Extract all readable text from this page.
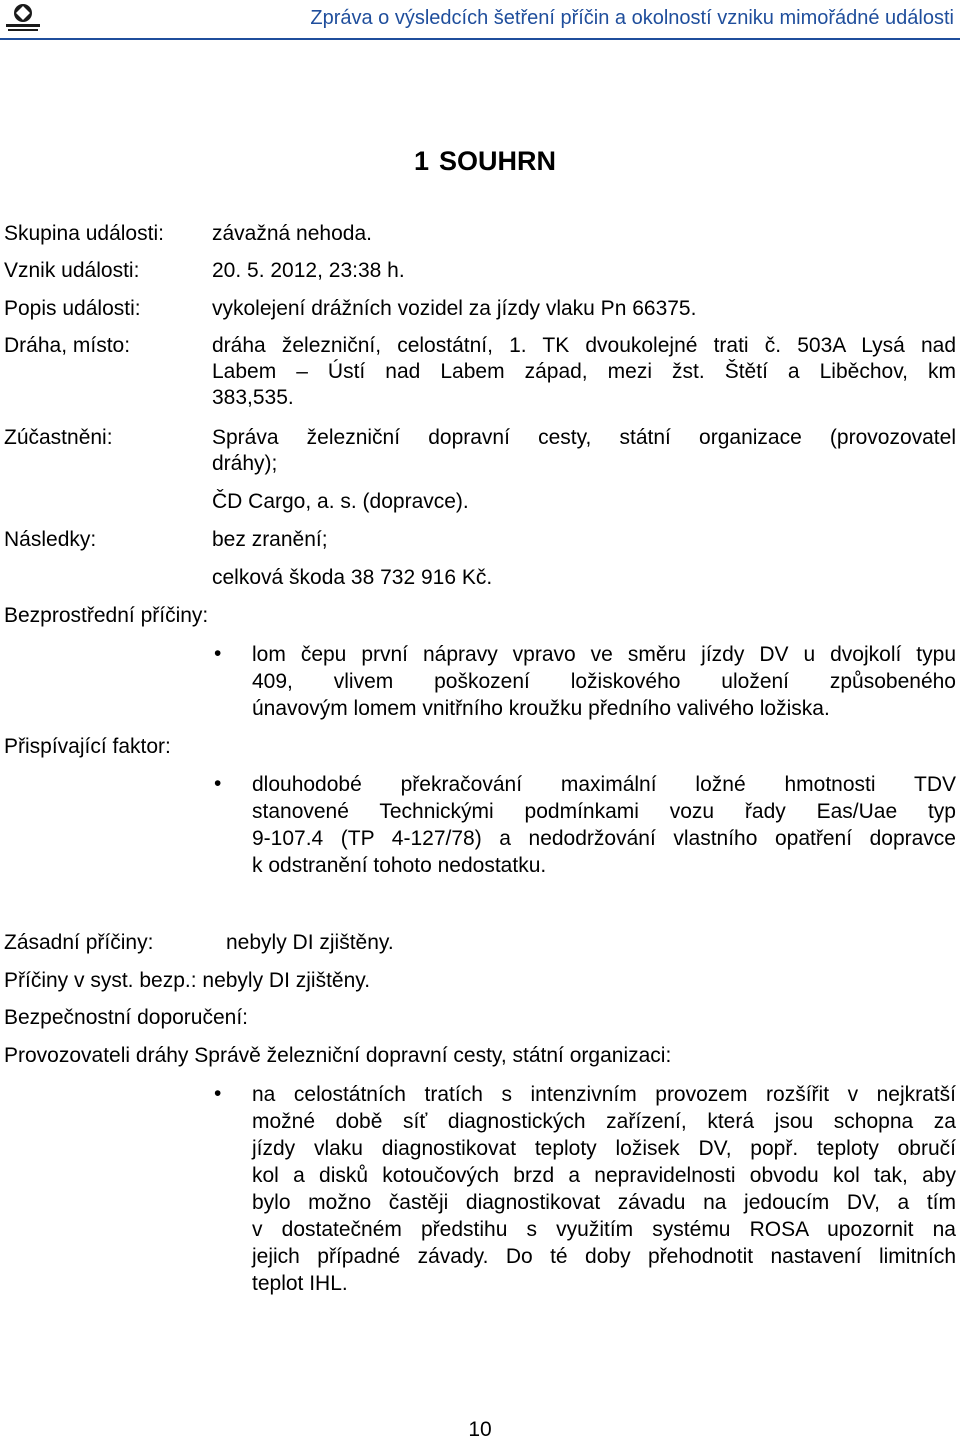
Zpráva o výsledcích šetření příčin a okolností vzniku mimořádné události
1 SOUHRN
Skupina události: závažná nehoda.
Vznik události:	20. 5. 2012, 23:38 h.
Popis události:	vykolejení drážních vozidel za jízdy vlaku Pn 66375.
Dráha, místo:	dráha železniční, celostátní, 1. TK dvoukolejné trati č. 503A Lysá nad
Labem – Ústí nad Labem západ, mezi žst. Štětí a Liběchov, km
383,535.
Zúčastněni:	Správa železniční dopravní cesty, státní organizace (provozovatel
dráhy);
ČD Cargo, a. s. (dopravce).
Následky:	bez zranění;
celková škoda 38 732 916 Kč.
Bezprostřední příčiny:
• lom čepu první nápravy vpravo ve směru jízdy DV u dvojkolí typu
409, vlivem poškození ložiskového uložení způsobeného
únavovým lomem vnitřního kroužku předního valivého ložiska.
Přispívající faktor:
• dlouhodobé překračování maximální ložné hmotnosti TDV
stanovené Technickými podmínkami vozu řady Eas/Uae typ
9-107.4 (TP 4-127/78) a nedodržování vlastního opatření dopravce
k odstranění tohoto nedostatku.
Zásadní příčiny:	nebyly DI zjištěny.
Příčiny v syst. bezp.: nebyly DI zjištěny.
Bezpečnostní doporučení:
Provozovateli dráhy Správě železniční dopravní cesty, státní organizaci:
• na celostátních tratích s intenzivním provozem rozšířit v nejkratší
možné době síť diagnostických zařízení, která jsou schopna za
jízdy vlaku diagnostikovat teploty ložisek DV, popř. teploty obručí
kol a disků kotoučových brzd a nepravidelnosti obvodu kol tak, aby
bylo možno častěji diagnostikovat závadu na jedoucím DV, a tím
v dostatečném předstihu s využitím systému ROSA upozornit na
jejich případné závady. Do té doby přehodnotit nastavení limitních
teplot IHL.
10
